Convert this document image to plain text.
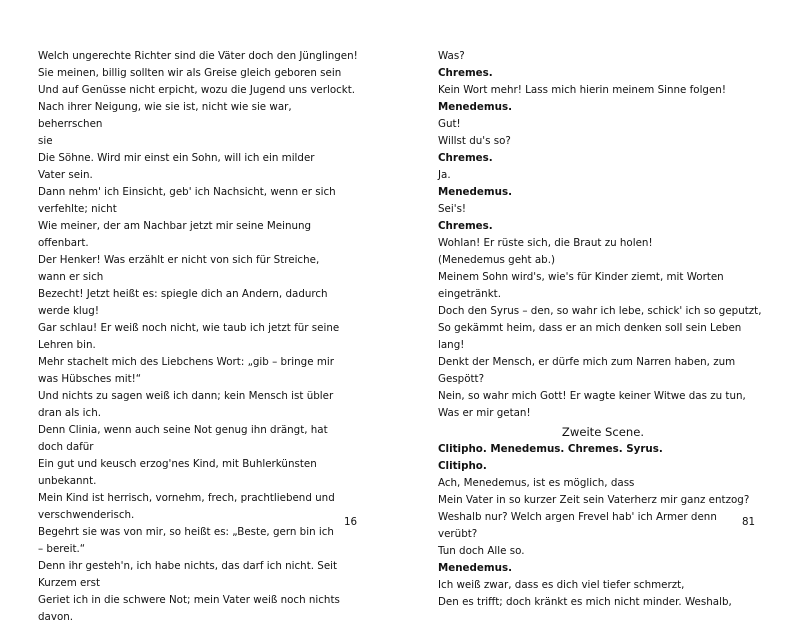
Welch ungerechte Richter sind die Väter doch den Jünglingen!
Sie meinen, billig sollten wir als Greise gleich geboren sein
Und auf Genüsse nicht erpicht, wozu die Jugend uns verlockt.
Nach ihrer Neigung, wie sie ist, nicht wie sie war, beherrschen
sie
Die Söhne. Wird mir einst ein Sohn, will ich ein milder
Vater sein.
Dann nehm' ich Einsicht, geb' ich Nachsicht, wenn er sich
verfehlte; nicht
Wie meiner, der am Nachbar jetzt mir seine Meinung offenbart.
Der Henker! Was erzählt er nicht von sich für Streiche,
wann er sich
Bezecht! Jetzt heißt es: spiegle dich an Andern, dadurch
werde klug!
Gar schlau! Er weiß noch nicht, wie taub ich jetzt für seine
Lehren bin.
Mehr stachelt mich des Liebchens Wort: „gib – bringe mir
was Hübsches mit!“
Und nichts zu sagen weiß ich dann; kein Mensch ist übler
dran als ich.
Denn Clinia, wenn auch seine Not genug ihn drängt, hat
doch dafür
Ein gut und keusch erzog'nes Kind, mit Buhlerkünsten
unbekannt.
Mein Kind ist herrisch, vornehm, frech, prachtliebend und
verschwenderisch.
Begehrt sie was von mir, so heißt es: „Beste, gern bin ich
– bereit.“
Denn ihr gesteh'n, ich habe nichts, das darf ich nicht. Seit
Kurzem erst
Geriet ich in die schwere Not; mein Vater weiß noch nichts
davon.
Was?
Chremes.
Kein Wort mehr! Lass mich hierin meinem Sinne folgen!
Menedemus.
Gut!
Willst du's so?
Chremes.
Ja.
Menedemus.
Sei's!
Chremes.
Wohlan! Er rüste sich, die Braut zu holen!
(Menedemus geht ab.)
Meinem Sohn wird's, wie's für Kinder ziemt, mit Worten
eingetränkt.
Doch den Syrus – den, so wahr ich lebe, schick' ich so geputzt,
So gekämmt heim, dass er an mich denken soll sein Leben lang!
Denkt der Mensch, er dürfe mich zum Narren haben, zum
Gespött?
Nein, so wahr mich Gott! Er wagte keiner Witwe das zu tun,
Was er mir getan!
Zweite Scene.
Clitipho. Menedemus. Chremes. Syrus.
Clitipho.
Ach, Menedemus, ist es möglich, dass
Mein Vater in so kurzer Zeit sein Vaterherz mir ganz entzog?
Weshalb nur? Welch argen Frevel hab' ich Armer denn
verübt?
Tun doch Alle so.
Menedemus.
Ich weiß zwar, dass es dich viel tiefer schmerzt,
Den es trifft; doch kränkt es mich nicht minder. Weshalb,
16	81
